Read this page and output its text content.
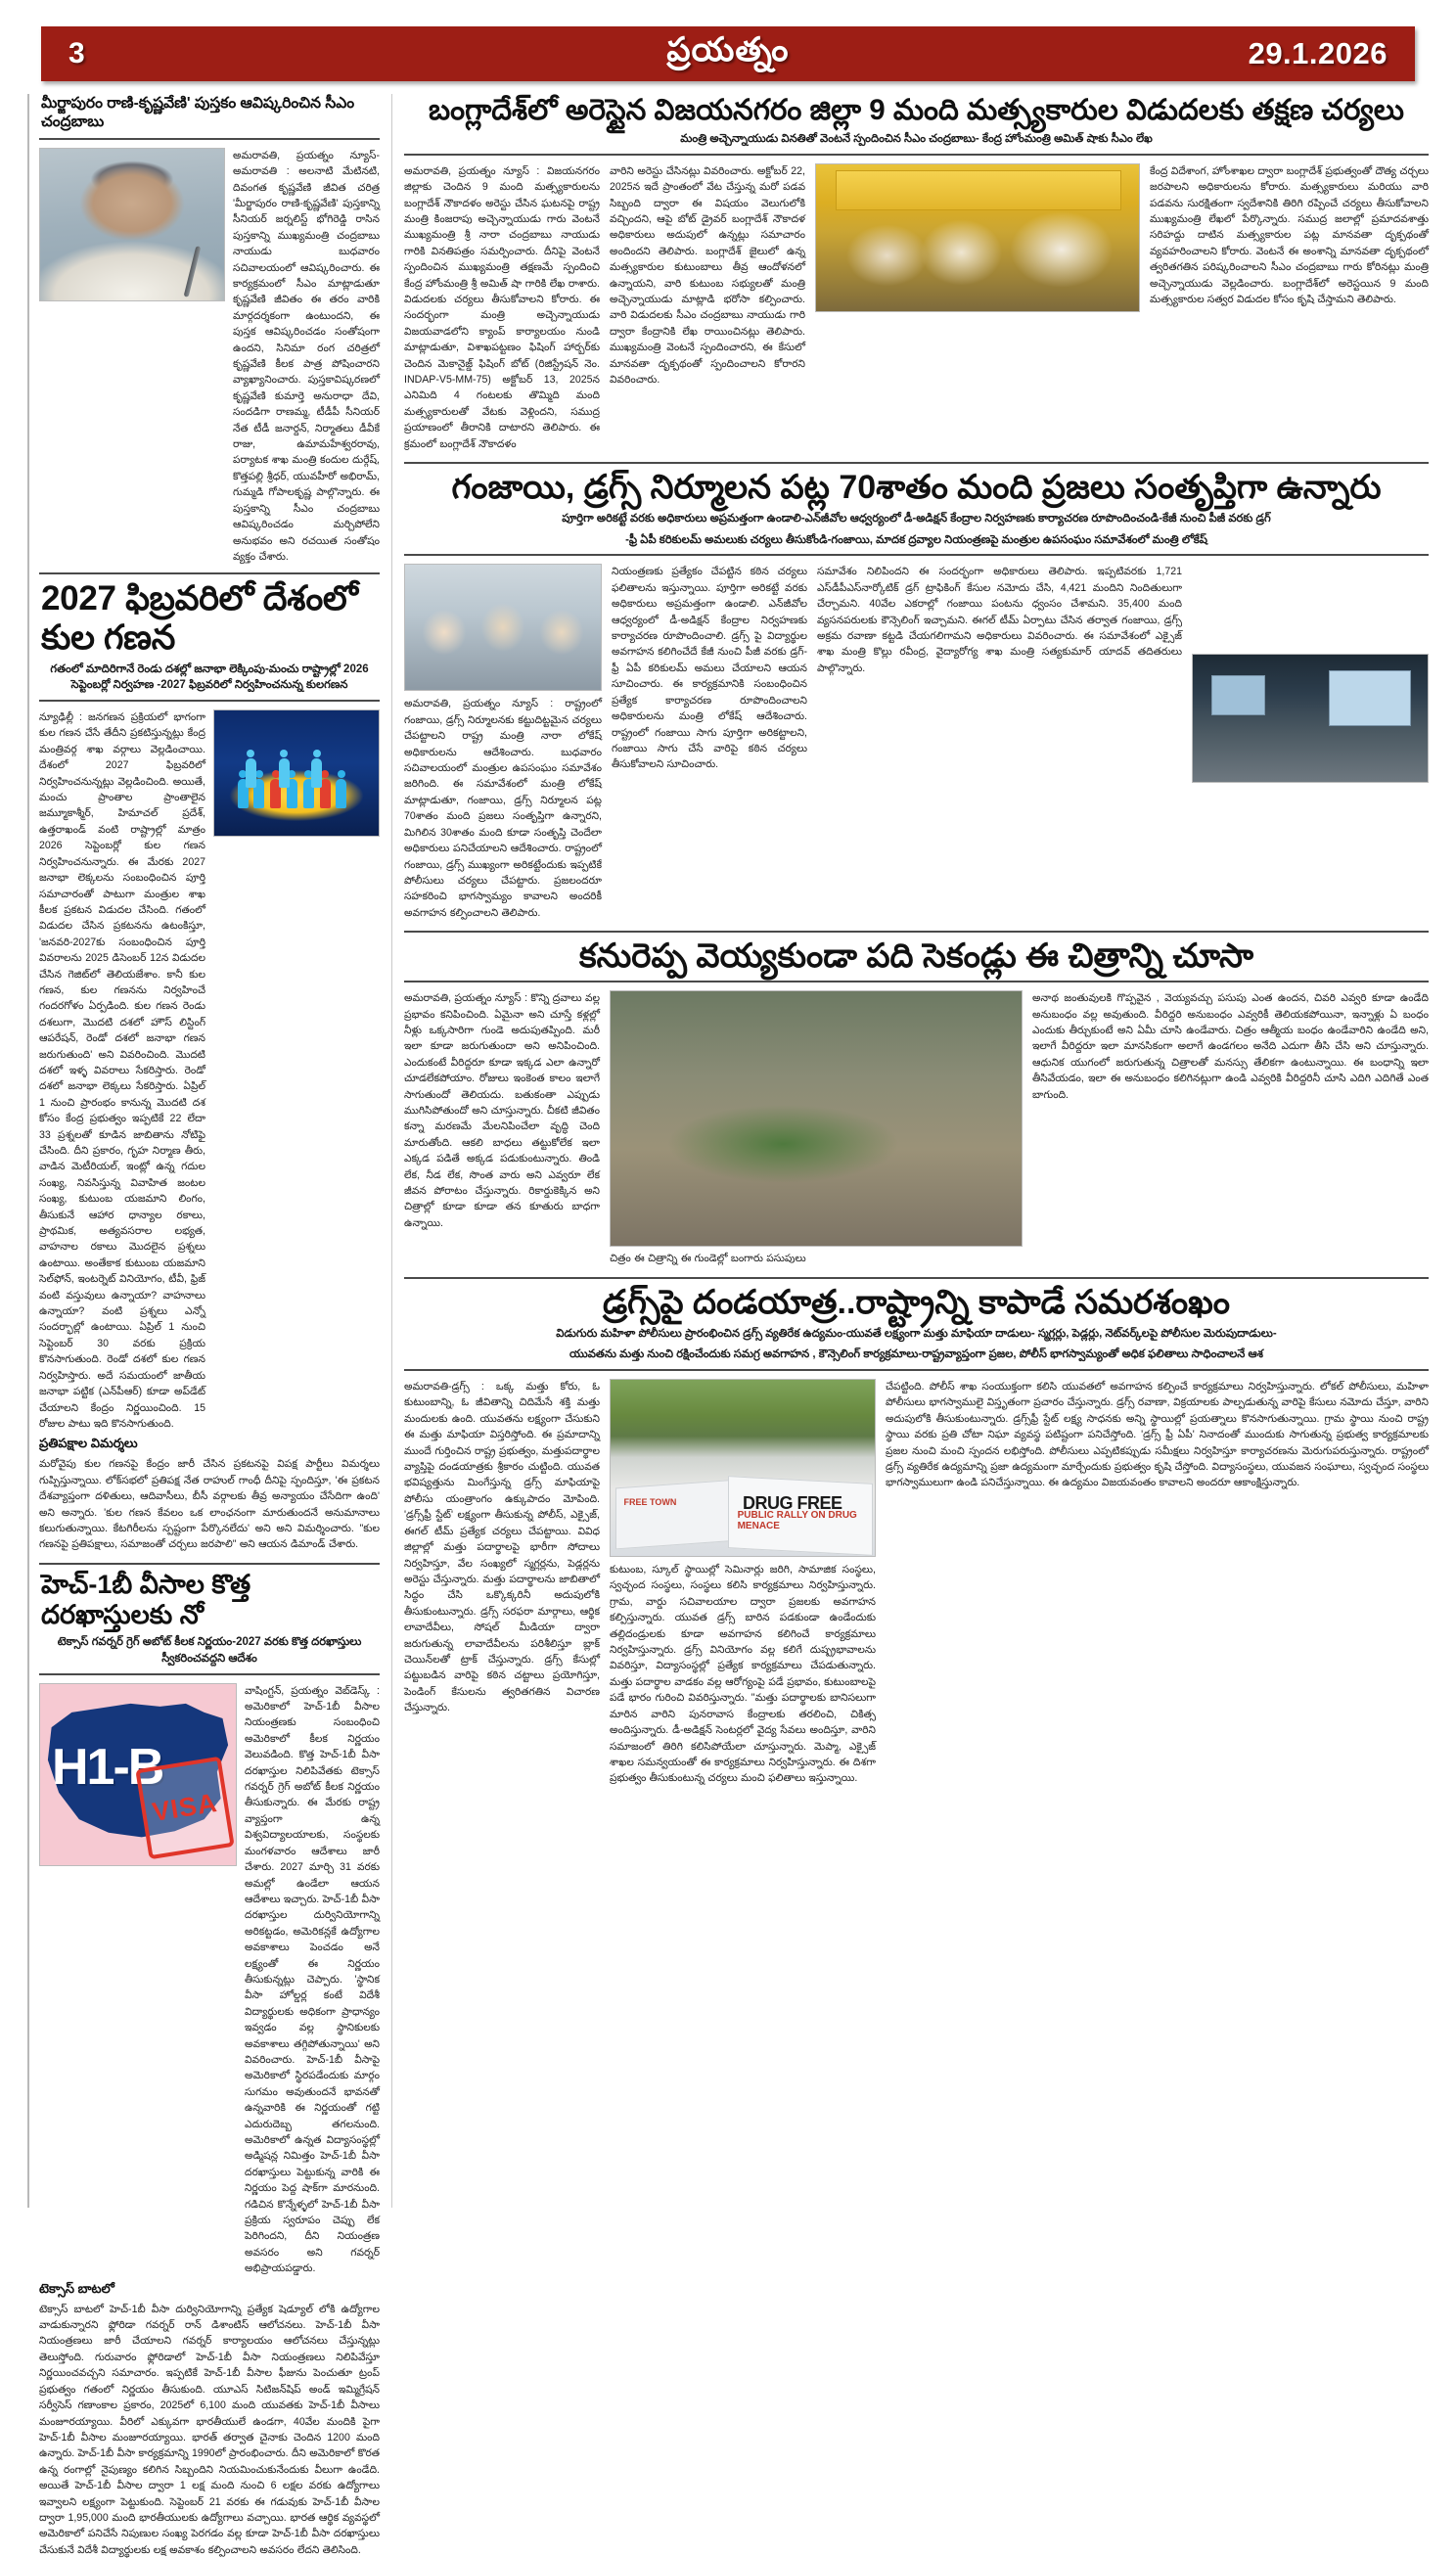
3	ప్రయత్నం	29.1.2026
మీర్జాపురం రాణి-కృష్ణవేణి' పుస్తకం ఆవిష్కరించిన సీఎం చంద్రబాబు
అమరావతి, ప్రయత్నం న్యూస్-అమరావతి : అలనాటి మేటినటి, దివంగత కృష్ణవేణి జీవిత చరిత్ర 'మీర్జాపురం రాణి-కృష్ణవేణి' పుస్తకాన్ని సీనియర్ జర్నలిస్ట్ భోగిరెడ్డి రాసిన పుస్తకాన్ని ముఖ్యమంత్రి చంద్రబాబు నాయుడు బుధవారం సచివాలయంలో ఆవిష్కరించారు. ఈ కార్యక్రమంలో సీఎం మాట్లాడుతూ కృష్ణవేణి జీవితం ఈ తరం వారికి మార్గదర్శకంగా ఉంటుందని, ఈ పుస్తక ఆవిష్కరించడం సంతోషంగా ఉందని, సినిమా రంగ చరిత్రలో కృష్ణవేణి కీలక పాత్ర పోషించారని వ్యాఖ్యానించారు. పుస్తకావిష్కరణలో కృష్ణవేణి కుమార్తె అనురాధా దేవి, సందడిగా రాణమ్మ, టీడీపీ సీనియర్ నేత టీడీ జనార్దన్, నిర్మాతలు డీవీకే రాజు, ఉమామహేశ్వరరావు, పర్యాటక శాఖ మంత్రి కందుల దుర్గేష్, కొత్తపల్లి శ్రీధర్, యువహీరో అభిరామ్, గుమ్మడి గోపాలకృష్ణ పాల్గొన్నారు. ఈ పుస్తకాన్ని సీఎం చంద్రబాబు ఆవిష్కరించడం మర్చిపోలేని అనుభవం అని రచయిత సంతోషం వ్యక్తం చేశారు.
2027 ఫిబ్రవరిలో దేశంలో కుల గణన
గతంలో మాదిరిగానే రెండు దశల్లో జనాభా లెక్కింపు-మంచు రాష్ట్రాల్లో 2026 సెప్టెంబర్లో నిర్వహణ -2027 ఫిబ్రవరిలో నిర్వహించనున్న కులగణన
న్యూఢిల్లీ : జనగణన ప్రక్రియలో భాగంగా కుల గణన చేసే తేదీని ప్రకటిస్తున్నట్లు కేంద్ర మంత్రివర్గ శాఖ వర్గాలు వెల్లడించాయి. దేశంలో 2027 ఫిబ్రవరిలో నిర్వహించనున్నట్లు వెల్లడించింది. అయితే, మంచు ప్రాంతాల ప్రాంతాలైన జమ్మూకాశ్మీర్, హిమాచల్ ప్రదేశ్, ఉత్తరాఖండ్ వంటి రాష్ట్రాల్లో మాత్రం 2026 సెప్టెంబర్లో కుల గణన నిర్వహించనున్నారు. ఈ మేరకు 2027 జనాభా లెక్కలను సంబంధించిన పూర్తి సమాచారంతో పాటుగా మంత్రుల శాఖ కీలక ప్రకటన విడుదల చేసింది. గతంలో విడుదల చేసిన ప్రకటనను ఉటంకిస్తూ, 'జనవరి-2027కు సంబంధించిన పూర్తి వివరాలను 2025 డిసెంబర్ 12న విడుదల చేసిన గెజిట్‌లో తెలియజేశాం. కానీ కుల గణన, కుల గణనను నిర్వహించే గందరగోళం ఏర్పడింది. కుల గణన రెండు దశలుగా, మొదటి దశలో హౌస్ లిస్టింగ్ ఆపరేషన్, రెండో దశలో జనాభా గణన జరుగుతుంది' అని వివరించింది. మొదటి దశలో ఇళ్ళ వివరాలు సేకరిస్తారు. రెండో దశలో జనాభా లెక్కలు సేకరిస్తారు. ఏప్రిల్ 1 నుంచి ప్రారంభం కానున్న మొదటి దశ కోసం కేంద్ర ప్రభుత్వం ఇప్పటికే 22 లేదా 33 ప్రశ్నలతో కూడిన జాబితాను నోటిఫై చేసింది. దీని ప్రకారం, గృహ నిర్మాణ తీరు, వాడిన మెటీరియల్, ఇంట్లో ఉన్న గదుల సంఖ్య, నివసిస్తున్న వివాహిత జంటల సంఖ్య, కుటుంబ యజమాని లింగం, తీసుకునే ఆహార ధాన్యాల రకాలు, ప్రాథమిక, అత్యవసరాల లభ్యత, వాహనాల రకాలు మొదలైన ప్రశ్నలు ఉంటాయి. అంతేకాక కుటుంబ యజమాని సెల్‌ఫోన్, ఇంటర్నెట్ వినియోగం, టీవీ, ఫ్రిజ్ వంటి వస్తువులు ఉన్నాయా? వాహనాలు ఉన్నాయా? వంటి ప్రశ్నలు ఎన్నో సందర్భాల్లో ఉంటాయి. ఏప్రిల్ 1 నుంచి సెప్టెంబర్ 30 వరకు ప్రక్రియ కొనసాగుతుంది. రెండో దశలో కుల గణన నిర్వహిస్తారు. అదే సమయంలో జాతీయ జనాభా పట్టిక (ఎన్‌పీఆర్) కూడా అప్‌డేట్ చేయాలని కేంద్రం నిర్ణయించింది. 15 రోజుల పాటు ఇది కొనసాగుతుంది.
ప్రతిపక్షాల విమర్శలు
మరోవైపు కుల గణనపై కేంద్రం జారీ చేసిన ప్రకటనపై విపక్ష పార్టీలు విమర్శలు గుప్పిస్తున్నాయి. లోక్‌సభలో ప్రతిపక్ష నేత రాహుల్ గాంధీ దీనిపై స్పందిస్తూ, 'ఈ ప్రకటన దేశవ్యాప్తంగా దళితులు, ఆదివాసీలు, బీసీ వర్గాలకు తీవ్ర అన్యాయం చేసేదిగా ఉంది' అని అన్నారు. 'కుల గణన కేవలం ఒక లాంఛనంగా మారుతుందనే అనుమానాలు కలుగుతున్నాయి. కేటగిరీలను స్పష్టంగా పేర్కొనలేదు' అని అని విమర్శించారు. "కుల గణనపై ప్రతిపక్షాలు, సమాజంతో చర్చలు జరపాలి" అని ఆయన డిమాండ్ చేశారు.
హెచ్-1బీ వీసాల కొత్త దరఖాస్తులకు నో
టెక్సాస్ గవర్నర్ గ్రెగ్ అబోట్ కీలక నిర్ణయం-2027 వరకు కొత్త దరఖాస్తులు స్వీకరించవద్దని ఆదేశం
H1-B
VISA
వాషింగ్టన్, ప్రయత్నం వెబ్‌డెస్క్ : అమెరికాలో హెచ్-1బీ వీసాల నియంత్రణకు సంబంధించి అమెరికాలో కీలక నిర్ణయం వెలువడింది. కొత్త హెచ్-1బీ వీసా దరఖాస్తుల నిలిపివేతకు టెక్సాస్ గవర్నర్ గ్రెగ్ అబోట్ కీలక నిర్ణయం తీసుకున్నారు. ఈ మేరకు రాష్ట్ర వ్యాప్తంగా ఉన్న విశ్వవిద్యాలయాలకు, సంస్థలకు మంగళవారం ఆదేశాలు జారీ చేశారు. 2027 మార్చి 31 వరకు అమల్లో ఉండేలా ఆయన ఆదేశాలు ఇచ్చారు. హెచ్-1బీ వీసా దరఖాస్తుల దుర్వినియోగాన్ని అరికట్టడం, అమెరికన్లకే ఉద్యోగాల అవకాశాలు పెంచడం అనే లక్ష్యంతో ఈ నిర్ణయం తీసుకున్నట్లు చెప్పారు. 'స్థానిక వీసా హోల్డర్ల కంటే విదేశీ విద్యార్థులకు అధికంగా ప్రాధాన్యం ఇవ్వడం వల్ల స్థానికులకు అవకాశాలు తగ్గిపోతున్నాయి' అని వివరించారు. హెచ్-1బీ వీసాపై అమెరికాలో స్థిరపడేందుకు మార్గం సుగమం అవుతుందనే భావనతో ఉన్నవారికి ఈ నిర్ణయంతో గట్టి ఎదురుదెబ్బ తగలనుంది. అమెరికాలో ఉన్నత విద్యాసంస్థల్లో అడ్మిషన్ల నిమిత్తం హెచ్-1బీ వీసా దరఖాస్తులు పెట్టుకున్న వారికి ఈ నిర్ణయం పెద్ద షాక్‌గా మారనుంది. గడిచిన కొన్నేళ్ళలో హెచ్-1బీ వీసా ప్రక్రియ స్వరూపం చెప్పు లేక పెరిగిందని, దీని నియంత్రణ అవసరం అని గవర్నర్ అభిప్రాయపడ్డారు.
టెక్సాస్ బాటలో
టెక్సాస్ బాటలో హెచ్-1బీ వీసా దుర్వినియోగాన్ని ప్రత్యేక షెడ్యూల్ లోకి ఉద్యోగాల వాడుకున్నారని ఫ్లోరిడా గవర్నర్ రాన్ డిశాంటిస్ ఆలోచనలు. హెచ్-1బీ వీసా నియంత్రణలు జారీ చేయాలని గవర్నర్ కార్యాలయం ఆలోచనలు చేస్తున్నట్లు తెలుస్తోంది. గురువారం ఫ్లోరిడాలో హెచ్-1బీ వీసా నియంత్రణలు నిలిపివేస్తూ నిర్ణయించవచ్చని సమాచారం. ఇప్పటికే హెచ్-1బీ వీసాల ఫీజును పెంచుతూ ట్రంప్ ప్రభుత్వం గతంలో నిర్ణయం తీసుకుంది. యూఎస్ సిటిజన్‌షిప్ అండ్ ఇమ్మిగ్రేషన్ సర్వీసెస్ గణాంకాల ప్రకారం, 2025లో 6,100 మంది యువతకు హెచ్-1బీ వీసాలు మంజూరయ్యాయి. వీరిలో ఎక్కువగా భారతీయులే ఉండగా, 40వేల మందికి పైగా హెచ్-1బీ వీసాల మంజూరయ్యాయి. భారత్ తర్వాత చైనాకు చెందిన 1200 మంది ఉన్నారు. హెచ్-1బీ వీసా కార్యక్రమాన్ని 1990లో ప్రారంభించారు. దీని అమెరికాలో కొరత ఉన్న రంగాల్లో నైపుణ్యం కలిగిన సిబ్బందిని నియమించుకునేందుకు వీలుగా ఉండేది. అయితే హెచ్-1బీ వీసాల ద్వారా 1 లక్ష మంది నుంచి 6 లక్షల వరకు ఉద్యోగాలు ఇవ్వాలని లక్ష్యంగా పెట్టుకుంది. సెప్టెంబర్ 21 వరకు ఈ గడువుకు హెచ్-1బీ వీసాల ద్వారా 1,95,000 మంది భారతీయులకు ఉద్యోగాలు వచ్చాయి. భారత ఆర్థిక వ్యవస్థలో అమెరికాలో పనిచేసే నిపుణుల సంఖ్య పెరగడం వల్ల కూడా హెచ్-1బీ వీసా దరఖాస్తులు చేసుకునే విదేశీ విద్యార్థులకు లక్ష అవకాశం కల్పించాలని అవసరం లేదని తెలిసింది.
బంగ్లాదేశ్‌లో అరెస్టైన విజయనగరం జిల్లా 9 మంది మత్స్యకారుల విడుదలకు తక్షణ చర్యలు
మంత్రి అచ్చెన్నాయుడు వినతితో వెంటనే స్పందించిన సీఎం చంద్రబాబు- కేంద్ర హోంమంత్రి అమిత్ షాకు సీఎం లేఖ
అమరావతి, ప్రయత్నం న్యూస్ : విజయనగరం జిల్లాకు చెందిన 9 మంది మత్స్యకారులను బంగ్లాదేశ్ నౌకాదళం అరెస్టు చేసిన ఘటనపై రాష్ట్ర మంత్రి కింజరాపు అచ్చెన్నాయుడు గారు వెంటనే ముఖ్యమంత్రి శ్రీ నారా చంద్రబాబు నాయుడు గారికి వినతిపత్రం సమర్పించారు. దీనిపై వెంటనే స్పందించిన ముఖ్యమంత్రి తక్షణమే స్పందించి కేంద్ర హోంమంత్రి శ్రీ అమిత్ షా గారికి లేఖ రాశారు. విడుదలకు చర్యలు తీసుకోవాలని కోరారు. ఈ సందర్భంగా మంత్రి అచ్చెన్నాయుడు విజయవాడలోని క్యాంప్ కార్యాలయం నుండి మాట్లాడుతూ, విశాఖపట్టణం ఫిషింగ్ హార్బర్‌కు చెందిన మెకానైజ్డ్ ఫిషింగ్ బోట్ (రిజిస్ట్రేషన్ నెం. INDAP-V5-MM-75) అక్టోబర్ 13, 2025న ఎనిమిది 4 గంటలకు తొమ్మిది మంది మత్స్యకారులతో వేటకు వెళ్లిందని, సముద్ర ప్రయాణంలో తీరానికి దాటారని తెలిపారు. ఈ క్రమంలో బంగ్లాదేశ్ నౌకాదళం
వారిని అరెస్టు చేసినట్లు వివరించారు. అక్టోబర్ 22, 2025న ఇదే ప్రాంతంలో వేట చేస్తున్న మరో పడవ సిబ్బంది ద్వారా ఈ విషయం వెలుగులోకి వచ్చిందని, ఆపై బోట్ డ్రైవర్ బంగ్లాదేశ్ నౌకాదళ అధికారులు అదుపులో ఉన్నట్లు సమాచారం అందిందని తెలిపారు. బంగ్లాదేశ్ జైలులో ఉన్న మత్స్యకారుల కుటుంబాలు తీవ్ర ఆందోళనలో ఉన్నాయని, వారి కుటుంబ సభ్యులతో మంత్రి అచ్చెన్నాయుడు మాట్లాడి భరోసా కల్పించారు. వారి విడుదలకు సీఎం చంద్రబాబు నాయుడు గారి ద్వారా కేంద్రానికి లేఖ రాయించినట్లు తెలిపారు. ముఖ్యమంత్రి వెంటనే స్పందించారని, ఈ కేసులో మానవతా దృక్పథంతో స్పందించాలని కోరారని వివరించారు.
కేంద్ర విదేశాంగ, హోంశాఖల ద్వారా బంగ్లాదేశ్ ప్రభుత్వంతో దౌత్య చర్చలు జరపాలని అధికారులను కోరారు. మత్స్యకారులు మరియు వారి పడవను సురక్షితంగా స్వదేశానికి తిరిగి రప్పించే చర్యలు తీసుకోవాలని ముఖ్యమంత్రి లేఖలో పేర్కొన్నారు. సముద్ర జలాల్లో ప్రమాదవశాత్తు సరిహద్దు దాటిన మత్స్యకారుల పట్ల మానవతా దృక్పథంతో వ్యవహరించాలని కోరారు. వెంటనే ఈ అంశాన్ని మానవతా దృక్పథంలో త్వరితగతిన పరిష్కరించాలని సీఎం చంద్రబాబు గారు కోరినట్లు మంత్రి అచ్చెన్నాయుడు వెల్లడించారు. బంగ్లాదేశ్‌లో అరెస్టయిన 9 మంది మత్స్యకారుల సత్వర విడుదల కోసం కృషి చేస్తామని తెలిపారు.
గంజాయి, డ్రగ్స్ నిర్మూలన పట్ల 70శాతం మంది ప్రజలు సంతృప్తిగా ఉన్నారు
పూర్తిగా అరికట్టే వరకు అధికారులు అప్రమత్తంగా ఉండాలి-ఎన్‌జీవోల ఆధ్వర్యంలో డీ-అడిక్షన్ కేంద్రాల నిర్వహణకు కార్యాచరణ రూపొందించండి-కేజీ నుంచి పీజీ వరకు డ్రగ్
-ఫ్రీ ఏపీ కరికులమ్ అమలుకు చర్యలు తీసుకోండి-గంజాయి, మాదక ద్రవ్యాల నియంత్రణపై మంత్రుల ఉపసంఘం సమావేశంలో మంత్రి లోకేష్
అమరావతి, ప్రయత్నం న్యూస్ : రాష్ట్రంలో గంజాయి, డ్రగ్స్ నిర్మూలనకు కట్టుదిట్టమైన చర్యలు చేపట్టాలని రాష్ట్ర మంత్రి నారా లోకేష్ అధికారులను ఆదేశించారు. బుధవారం సచివాలయంలో మంత్రుల ఉపసంఘం సమావేశం జరిగింది. ఈ సమావేశంలో మంత్రి లోకేష్ మాట్లాడుతూ, గంజాయి, డ్రగ్స్ నిర్మూలన పట్ల 70శాతం మంది ప్రజలు సంతృప్తిగా ఉన్నారని, మిగిలిన 30శాతం మంది కూడా సంతృప్తి చెందేలా అధికారులు పనిచేయాలని ఆదేశించారు. రాష్ట్రంలో గంజాయి, డ్రగ్స్ ముఖ్యంగా అరికట్టేందుకు ఇప్పటికే పోలీసులు చర్యలు చేపట్టారు. ప్రజలందరూ సహకరించి భాగస్వామ్యం కావాలని అందరికీ అవగాహన కల్పించాలని తెలిపారు.
నియంత్రణకు ప్రత్యేకం చేపట్టిన కఠిన చర్యలు ఫలితాలను ఇస్తున్నాయి. పూర్తిగా అరికట్టే వరకు అధికారులు అప్రమత్తంగా ఉండాలి. ఎన్‌జీవోల ఆధ్వర్యంలో డీ-అడిక్షన్ కేంద్రాల నిర్వహణకు కార్యాచరణ రూపొందించాలి. డ్రగ్స్ పై విద్యార్థుల అవగాహన కలిగించేదే కేజీ నుంచి పీజీ వరకు డ్రగ్-ఫ్రీ ఏపీ కరికులమ్ అమలు చేయాలని ఆయన సూచించారు. ఈ కార్యక్రమానికి సంబంధించిన ప్రత్యేక కార్యాచరణ రూపొందించాలని అధికారులను మంత్రి లోకేష్ ఆదేశించారు. రాష్ట్రంలో గంజాయి సాగు పూర్తిగా అరికట్టాలని, గంజాయి సాగు చేసే వారిపై కఠిన చర్యలు తీసుకోవాలని సూచించారు.
సమావేశం నిలిపిందని ఈ సందర్భంగా అధికారులు తెలిపారు. ఇప్పటివరకు 1,721 ఎస్‌డీపీఎస్‌నార్కోటిక్ డ్రగ్ ట్రాఫికింగ్ కేసుల నమోదు చేసి, 4,421 మందిని నిందితులుగా చేర్చామని. 40వేల ఎకరాల్లో గంజాయి పంటను ధ్వంసం చేశామని. 35,400 మంది వ్యసనపరులకు కౌన్సెలింగ్ ఇచ్చామని. ఈగల్ టీమ్ ఏర్పాటు చేసిన తర్వాత గంజాయి, డ్రగ్స్ అక్రమ రవాణా కట్టడి చేయగలిగామని అధికారులు వివరించారు. ఈ సమావేశంలో ఎక్సైజ్ శాఖ మంత్రి కొల్లు రవీంద్ర, వైద్యారోగ్య శాఖ మంత్రి సత్యకుమార్ యాదవ్ తదితరులు పాల్గొన్నారు.
కనురెప్ప వెయ్యకుండా పది సెకండ్లు ఈ చిత్రాన్ని చూసా
అమరావతి, ప్రయత్నం న్యూస్ : కొన్ని ద్రవాలు వల్ల ప్రభావం కనిపించింది. ఏమైనా అని చూస్తే కళ్లల్లో నీళ్లు ఒక్కసారిగా గుండె అదుపుతప్పింది. మరీ ఇలా కూడా జరుగుతుందా అని అనిపించింది. ఎందుకంటే వీరిద్దరూ కూడా ఇక్కడ ఎలా ఉన్నారో చూడలేకపోయాం. రోజులు ఇంకెంత కాలం ఇలాగే సాగుతుందో తెలియదు. బతుకంతా ఎప్పుడు ముగిసిపోతుందో అని చూస్తున్నారు. చీకటి జీవితం కన్నా మరణమే మేలనిపించేలా వృద్ధి చెంది మారుతోంది. ఆకలి బాధలు తట్టుకోలేక ఇలా ఎక్కడ పడితే అక్కడ పడుకుంటున్నారు. తిండి లేక, నీడ లేక, సొంత వారు అని ఎవ్వరూ లేక జీవన పోరాటం చేస్తున్నారు. రికార్డుకెక్కిన అని చిత్రాల్లో కూడా కూడా తన కూతురు బాధగా ఉన్నాయి.
చిత్రం ఈ చిత్రాన్ని ఈ గుండెల్లో బంగారు పసుపులు
అనాథ జంతువులకి గొప్పవైన , వెయ్యవచ్చు పసుపు ఎంత ఉందన, చివరి ఎవ్వరి కూడా ఉండేది అనుబంధం వల్ల అవుతుంది. వీరిద్దరి అనుబంధం ఎవ్వరికీ తెలియకపోయినా, ఇన్నాళ్లు ఏ బంధం ఎందుకు తీర్చుకుంటే అని ఏమీ చూసి ఉండేవారు. చిత్రం ఆత్మీయ బంధం ఉండేవారిని ఉండేది అని, ఇలాగే వీరిద్దరూ ఇలా మానసికంగా అలాగే ఉండగలం అనేది ఎదుగా తీసి చేసి అని చూస్తున్నారు. ఆధునిక యుగంలో జరుగుతున్న చిత్రాలతో మనస్సు తేలికగా ఉంటున్నాయి. ఈ బంధాన్ని ఇలా తీసివేయడం, ఇలా ఈ అనుబంధం కలిగినట్లుగా ఉండి ఎవ్వరికి వీరిద్దరినీ చూసి ఎదిగి ఎదిగితే ఎంత బాగుంది.
డ్రగ్స్‌పై దండయాత్ర..రాష్ట్రాన్ని కాపాడే సమరశంఖం
విడుగురు మహిళా పోలీసులు ప్రారంభించిన డ్రగ్స్ వ్యతిరేక ఉద్యమం-యువతే లక్ష్యంగా మత్తు మాఫియా దాడులు- స్మగ్లర్లు, పెడ్లర్లు, నెట్‌వర్క్‌లపై పోలీసుల మెరుపుదాడులు-
యువతను మత్తు నుంచి రక్షించేందుకు సమగ్ర అవగాహన , కౌన్సెలింగ్ కార్యక్రమాలు-రాష్ట్రవ్యాప్తంగా ప్రజల, పోలీస్ భాగస్వామ్యంతో అధిక ఫలితాలు సాధించాలనే ఆశ
అమరావతి-డ్రగ్స్ : ఒక్క మత్తు కోరు, ఓ కుటుంబాన్ని, ఓ జీవితాన్ని చిదిమేసే శక్తి మత్తు మందులకు ఉంది. యువతను లక్ష్యంగా చేసుకుని ఈ మత్తు మాఫియా విస్తరిస్తోంది. ఈ ప్రమాదాన్ని ముందే గుర్తించిన రాష్ట్ర ప్రభుత్వం, మత్తుపదార్థాల వ్యాప్తిపై దండయాత్రకు శ్రీకారం చుట్టింది. యువత భవిష్యత్తును మింగేస్తున్న డ్రగ్స్ మాఫియాపై పోలీసు యంత్రాంగం ఉక్కుపాదం మోపింది. 'డ్రగ్స్‌ఫ్రీ స్టేట్' లక్ష్యంగా తీసుకున్న పోలీస్, ఎక్సైజ్, ఈగల్ టీమ్ ప్రత్యేక చర్యలు చేపట్టాయి. వివిధ జిల్లాల్లో మత్తు పదార్థాలపై భారీగా సోదాలు నిర్వహిస్తూ, వేల సంఖ్యలో స్మగ్లర్లను, పెడ్లర్లను అరెస్టు చేస్తున్నారు. మత్తు పదార్థాలను జాబితాలో సిద్ధం చేసి ఒక్కొక్కరినీ అదుపులోకి తీసుకుంటున్నారు. డ్రగ్స్ సరఫరా మార్గాలు, ఆర్థిక లావాదేవీలు, సోషల్ మీడియా ద్వారా జరుగుతున్న లావాదేవీలను పరిశీలిస్తూ బ్లాక్ చెయిన్‌లతో ట్రాక్ చేస్తున్నారు. డ్రగ్స్ కేసుల్లో పట్టుబడిన వారిపై కఠిన చట్టాలు ప్రయోగిస్తూ, పెండింగ్ కేసులను త్వరితగతిన విచారణ చేస్తున్నారు.
FREE TOWN	DRUG FREE
PUBLIC RALLY ON DRUG MENACE
కుటుంబ, స్కూల్ స్థాయిల్లో సెమినార్లు జరిగి, సామాజిక సంస్థలు, స్వచ్ఛంద సంస్థలు, సంస్థలు కలిసి కార్యక్రమాలు నిర్వహిస్తున్నారు. గ్రామ, వార్డు సచివాలయాల ద్వారా ప్రజలకు అవగాహన కల్పిస్తున్నారు. యువత డ్రగ్స్ బారిన పడకుండా ఉండేందుకు తల్లిదండ్రులకు కూడా అవగాహన కలిగించే కార్యక్రమాలు నిర్వహిస్తున్నారు. డ్రగ్స్ వినియోగం వల్ల కలిగే దుష్ప్రభావాలను వివరిస్తూ, విద్యాసంస్థల్లో ప్రత్యేక కార్యక్రమాలు చేపడుతున్నారు. మత్తు పదార్థాల వాడకం వల్ల ఆరోగ్యంపై పడే ప్రభావం, కుటుంబాలపై పడే భారం గురించి వివరిస్తున్నారు. "మత్తు పదార్థాలకు బానిసలుగా మారిన వారిని పునరావాస కేంద్రాలకు తరలించి, చికిత్స అందిస్తున్నారు. డీ-అడిక్షన్ సెంటర్లలో వైద్య సేవలు అందిస్తూ, వారిని సమాజంలో తిరిగి కలిసిపోయేలా చూస్తున్నారు. మెప్మా, ఎక్సైజ్ శాఖల సమన్వయంతో ఈ కార్యక్రమాలు నిర్వహిస్తున్నారు. ఈ దిశగా ప్రభుత్వం తీసుకుంటున్న చర్యలు మంచి ఫలితాలు ఇస్తున్నాయి.
చేపట్టింది. పోలీస్ శాఖ సంయుక్తంగా కలిసి యువతలో అవగాహన కల్పించే కార్యక్రమాలు నిర్వహిస్తున్నారు. లోకల్ పోలీసులు, మహిళా పోలీసులు భాగస్వాములై విస్తృతంగా ప్రచారం చేస్తున్నారు. డ్రగ్స్ రవాణా, విక్రయాలకు పాల్పడుతున్న వారిపై కేసులు నమోదు చేస్తూ, వారిని అదుపులోకి తీసుకుంటున్నారు. డ్రగ్స్‌ఫ్రీ స్టేట్ లక్ష్య సాధనకు అన్ని స్థాయిల్లో ప్రయత్నాలు కొనసాగుతున్నాయి. గ్రామ స్థాయి నుంచి రాష్ట్ర స్థాయి వరకు ప్రతి చోటా నిఘా వ్యవస్థ పటిష్టంగా పనిచేస్తోంది. 'డ్రగ్స్ ఫ్రీ ఏపీ' నినాదంతో ముందుకు సాగుతున్న ప్రభుత్వ కార్యక్రమాలకు ప్రజల నుంచి మంచి స్పందన లభిస్తోంది. పోలీసులు ఎప్పటికప్పుడు సమీక్షలు నిర్వహిస్తూ కార్యాచరణను మెరుగుపరుస్తున్నారు. రాష్ట్రంలో డ్రగ్స్ వ్యతిరేక ఉద్యమాన్ని ప్రజా ఉద్యమంగా మార్చేందుకు ప్రభుత్వం కృషి చేస్తోంది. విద్యాసంస్థలు, యువజన సంఘాలు, స్వచ్ఛంద సంస్థలు భాగస్వాములుగా ఉండి పనిచేస్తున్నాయి. ఈ ఉద్యమం విజయవంతం కావాలని అందరూ ఆకాంక్షిస్తున్నారు.
